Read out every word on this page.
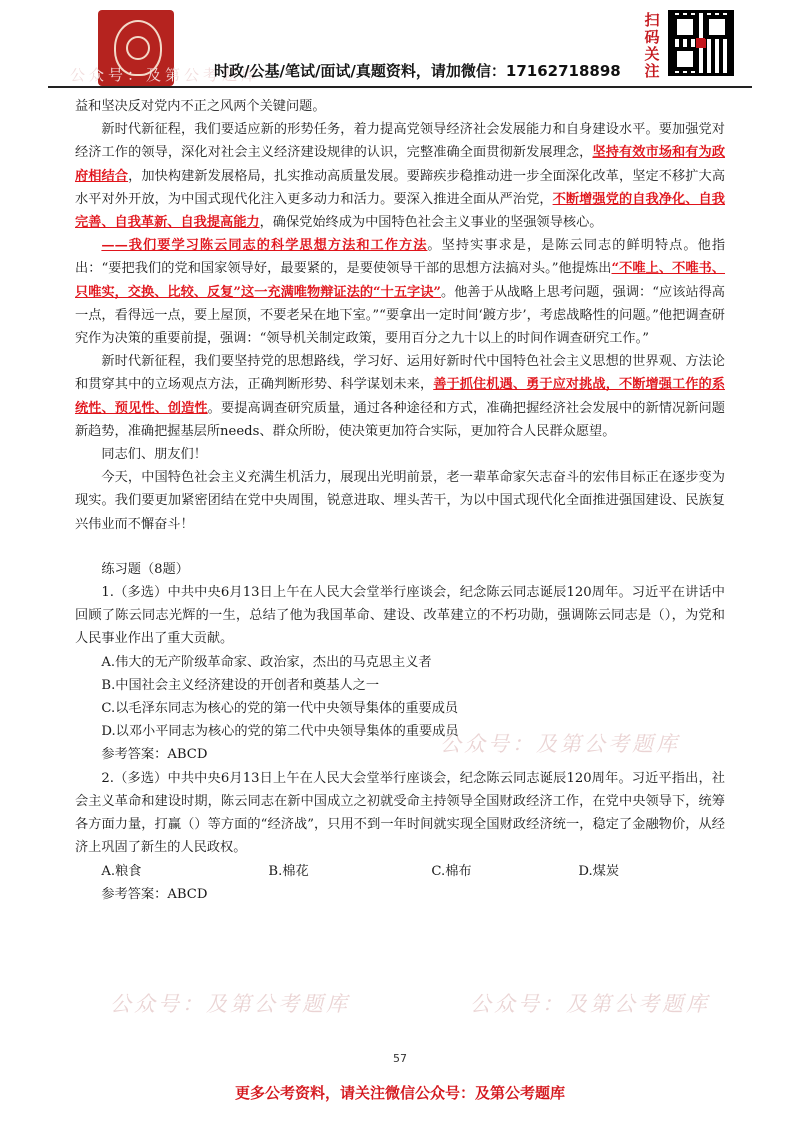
公众号：及第公考题库
时政/公基/笔试/面试/真题资料，请加微信：17162718898
扫码关注
公众号：及第公考题库
公众号：及第公考题库	公众号：及第公考题库

益和坚决反对党内不正之风两个关键问题。

新时代新征程，我们要适应新的形势任务，着力提高党领导经济社会发展能力和自身建设水平。要加强党对经济工作的领导，深化对社会主义经济建设规律的认识，完整准确全面贯彻新发展理念，坚持有效市场和有为政府相结合，加快构建新发展格局，扎实推动高质量发展。要蹄疾步稳推动进一步全面深化改革，坚定不移扩大高水平对外开放，为中国式现代化注入更多动力和活力。要深入推进全面从严治党，不断增强党的自我净化、自我完善、自我革新、自我提高能力，确保党始终成为中国特色社会主义事业的坚强领导核心。

——我们要学习陈云同志的科学思想方法和工作方法。坚持实事求是，是陈云同志的鲜明特点。他指出：“要把我们的党和国家领导好，最要紧的，是要使领导干部的思想方法搞对头。”他提炼出“不唯上、不唯书、只唯实，交换、比较、反复”这一充满唯物辩证法的“十五字诀”。他善于从战略上思考问题，强调：“应该站得高一点，看得远一点，要上屋顶，不要老呆在地下室。”“要拿出一定时间‘踱方步’，考虑战略性的问题。”他把调查研究作为决策的重要前提，强调：“领导机关制定政策，要用百分之九十以上的时间作调查研究工作。”

新时代新征程，我们要坚持党的思想路线，学习好、运用好新时代中国特色社会主义思想的世界观、方法论和贯穿其中的立场观点方法，正确判断形势、科学谋划未来，善于抓住机遇、勇于应对挑战，不断增强工作的系统性、预见性、创造性。要提高调查研究质量，通过各种途径和方式，准确把握经济社会发展中的新情况新问题新趋势，准确把握基层所needs、群众所盼，使决策更加符合实际，更加符合人民群众愿望。

同志们、朋友们！

今天，中国特色社会主义充满生机活力，展现出光明前景，老一辈革命家矢志奋斗的宏伟目标正在逐步变为现实。我们要更加紧密团结在党中央周围，锐意进取、埋头苦干，为以中国式现代化全面推进强国建设、民族复兴伟业而不懈奋斗！

练习题（8题）

1.（多选）中共中央6月13日上午在人民大会堂举行座谈会，纪念陈云同志诞辰120周年。习近平在讲话中回顾了陈云同志光辉的一生，总结了他为我国革命、建设、改革建立的不朽功勋，强调陈云同志是（），为党和人民事业作出了重大贡献。

A.伟大的无产阶级革命家、政治家，杰出的马克思主义者

B.中国社会主义经济建设的开创者和奠基人之一

C.以毛泽东同志为核心的党的第一代中央领导集体的重要成员

D.以邓小平同志为核心的党的第二代中央领导集体的重要成员

参考答案：ABCD

2.（多选）中共中央6月13日上午在人民大会堂举行座谈会，纪念陈云同志诞辰120周年。习近平指出，社会主义革命和建设时期，陈云同志在新中国成立之初就受命主持领导全国财政经济工作，在党中央领导下，统筹各方面力量，打赢（）等方面的“经济战”，只用不到一年时间就实现全国财政经济统一，稳定了金融物价，从经济上巩固了新生的人民政权。

A.粮食	B.棉花	C.棉布	D.煤炭

参考答案：ABCD

57
更多公考资料，请关注微信公众号：及第公考题库
